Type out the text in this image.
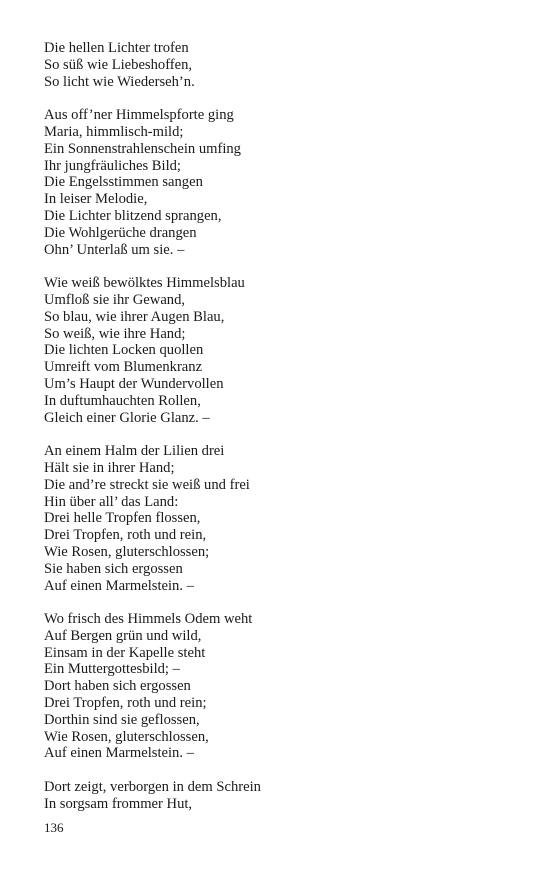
Die hellen Lichter trofen
So süß wie Liebeshoffen,
So licht wie Wiederseh’n.
Aus off’ner Himmelspforte ging
Maria, himmlisch-mild;
Ein Sonnenstrahlenschein umfing
Ihr jungfräuliches Bild;
Die Engelsstimmen sangen
In leiser Melodie,
Die Lichter blitzend sprangen,
Die Wohlgerüche drangen
Ohn’ Unterlaß um sie. –
Wie weiß bewölktes Himmelsblau
Umfloß sie ihr Gewand,
So blau, wie ihrer Augen Blau,
So weiß, wie ihre Hand;
Die lichten Locken quollen
Umreift vom Blumenkranz
Um’s Haupt der Wundervollen
In duftumhauchten Rollen,
Gleich einer Glorie Glanz. –
An einem Halm der Lilien drei
Hält sie in ihrer Hand;
Die and’re streckt sie weiß und frei
Hin über all’ das Land:
Drei helle Tropfen flossen,
Drei Tropfen, roth und rein,
Wie Rosen, gluterschlossen;
Sie haben sich ergossen
Auf einen Marmelstein. –
Wo frisch des Himmels Odem weht
Auf Bergen grün und wild,
Einsam in der Kapelle steht
Ein Muttergottesbild; –
Dort haben sich ergossen
Drei Tropfen, roth und rein;
Dorthin sind sie geflossen,
Wie Rosen, gluterschlossen,
Auf einen Marmelstein. –
Dort zeigt, verborgen in dem Schrein
In sorgsam frommer Hut,
136
